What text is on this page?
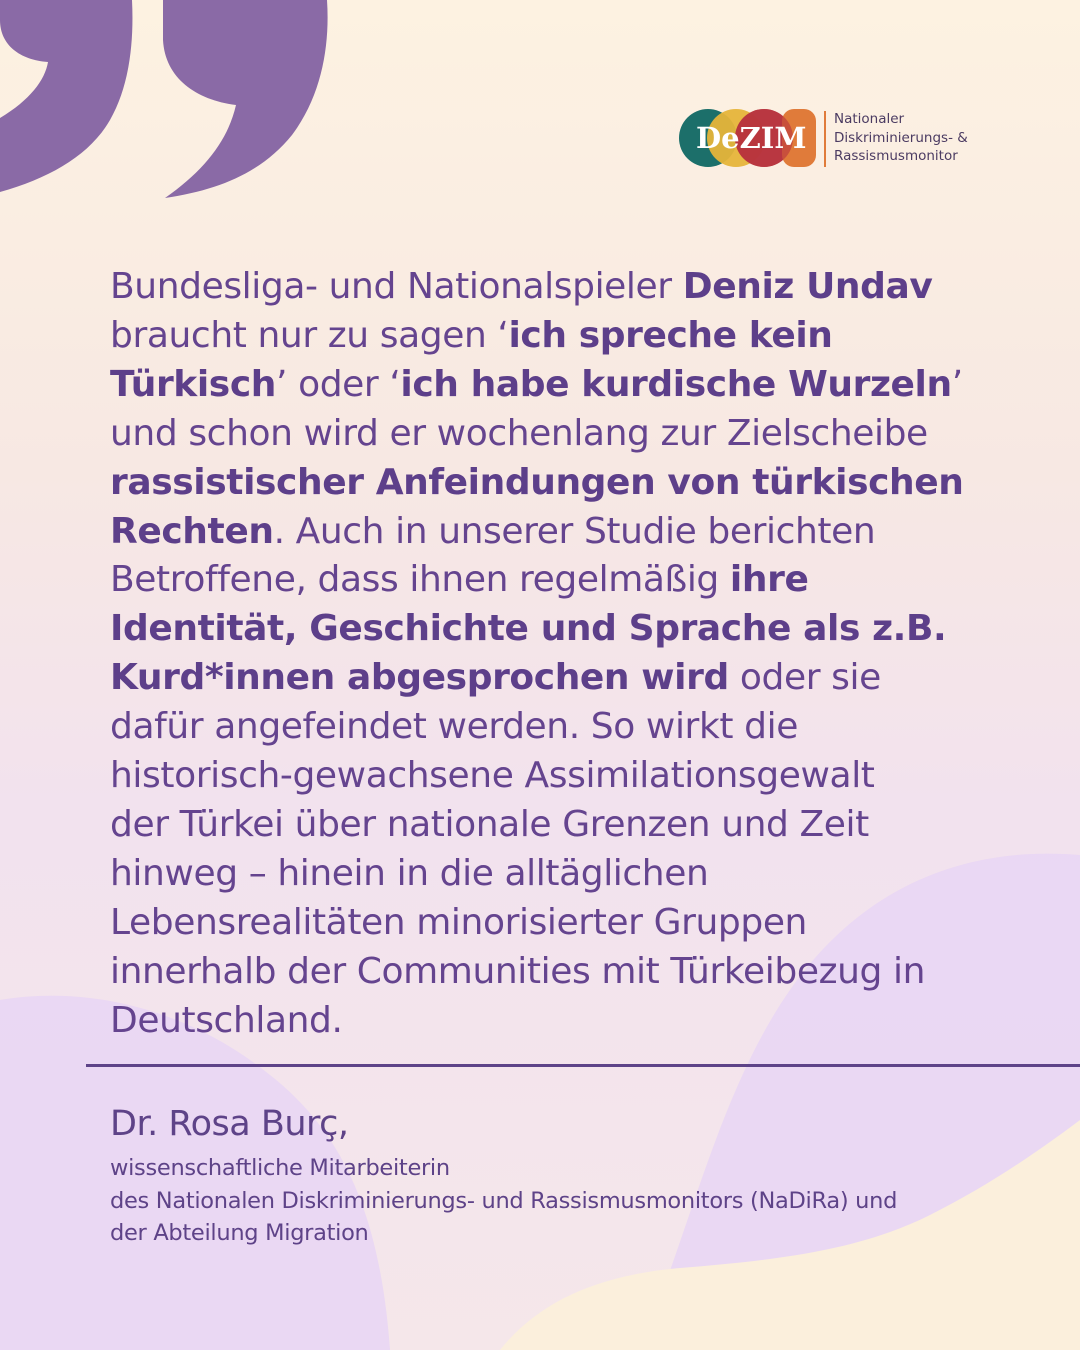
DeZIM
Nationaler
Diskriminierungs- &
Rassismusmonitor
Bundesliga- und Nationalspieler Deniz Undav
braucht nur zu sagen ‘ich spreche kein
Türkisch’ oder ‘ich habe kurdische Wurzeln’
und schon wird er wochenlang zur Zielscheibe
rassistischer Anfeindungen von türkischen
Rechten. Auch in unserer Studie berichten
Betroffene, dass ihnen regelmäßig ihre
Identität, Geschichte und Sprache als z.B.
Kurd*innen abgesprochen wird oder sie
dafür angefeindet werden. So wirkt die
historisch-gewachsene Assimilationsgewalt
der Türkei über nationale Grenzen und Zeit
hinweg – hinein in die alltäglichen
Lebensrealitäten minorisierter Gruppen
innerhalb der Communities mit Türkeibezug in
Deutschland.
Dr. Rosa Burç,
wissenschaftliche Mitarbeiterin
des Nationalen Diskriminierungs- und Rassismusmonitors (NaDiRa) und
der Abteilung Migration
